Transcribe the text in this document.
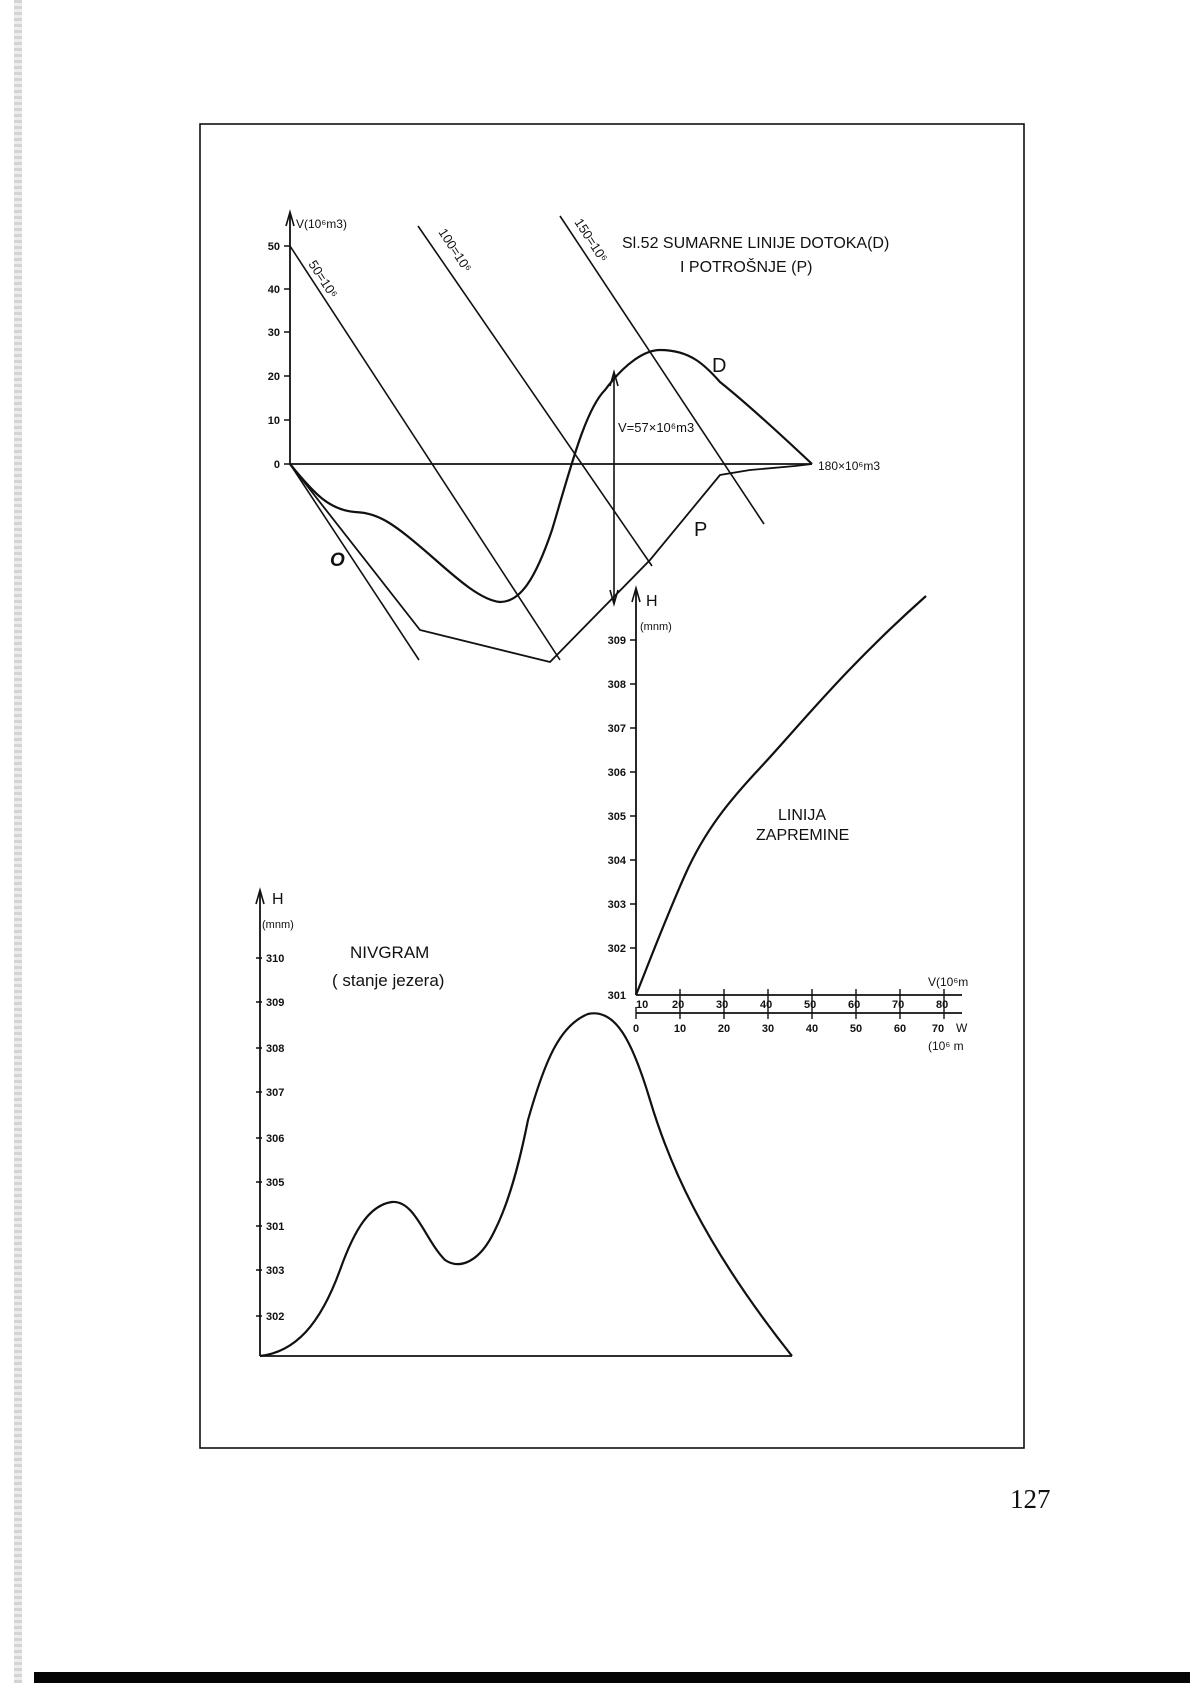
V(10⁶m3)
50
40
30
20
10
0	180×10⁶m3
50=10⁶
100=10⁶	150=10⁶ Sl.52 SUMARNE LINIJE DOTOKA(D)
I POTROŠNJE (P)
D
P
O
V=57×10⁶m3
H
(mnm)
309
308
307
306
305
304
303
302
301
V(10⁶m
10 20	30	40	50	60	70	80
0	10	20	30	40	50	60 70 W
(10⁶ m
LINIJA
ZAPREMINE
H
(mnm)
310
309
308
307
306
305
301
303
302
NIVGRAM
( stanje jezera)
127
